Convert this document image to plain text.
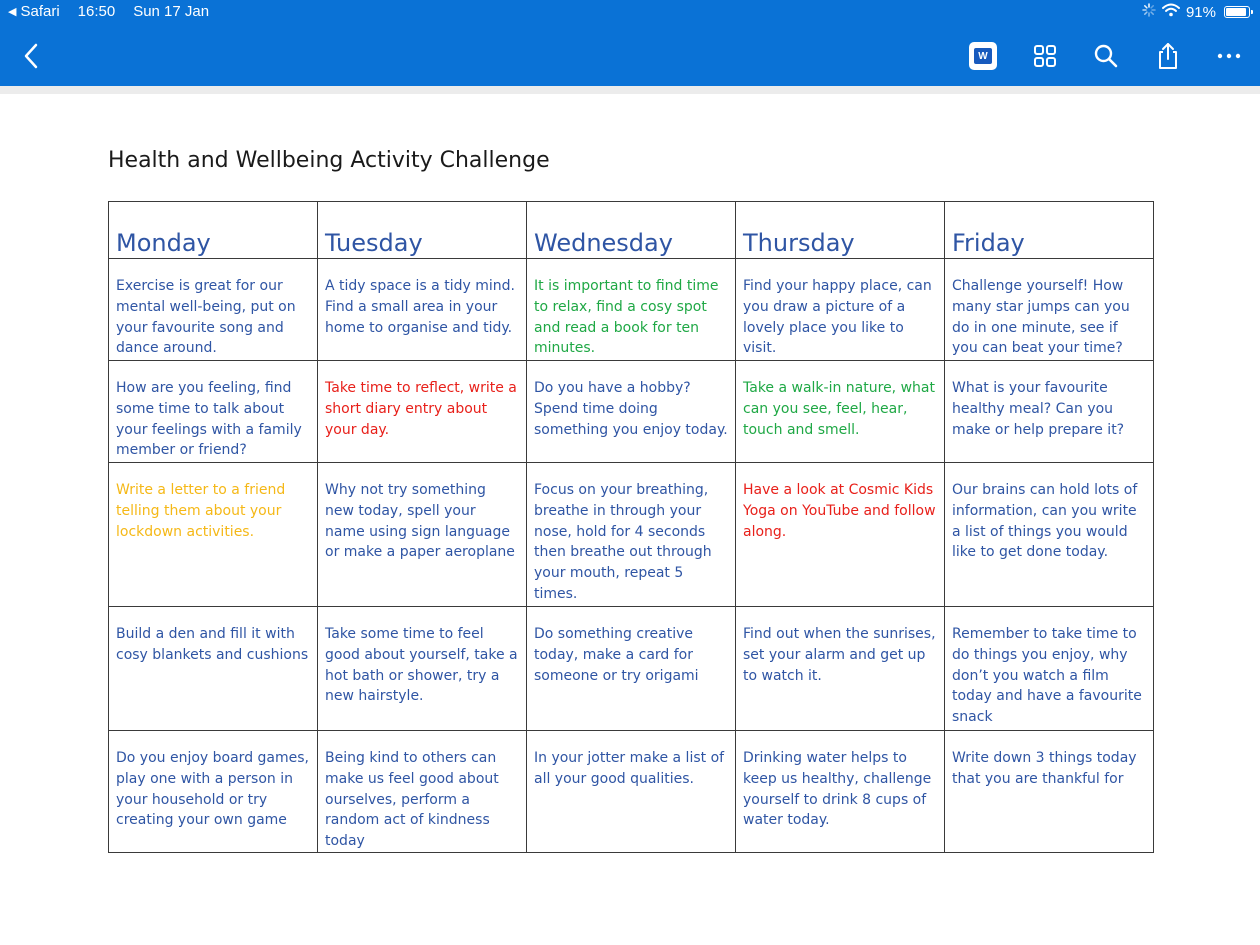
◀ Safari 16:50 Sun 17 Jan	91%
W
Health and Wellbeing Activity Challenge
Monday	Tuesday	Wednesday	Thursday	Friday
Exercise is great for our mental well-being, put on your favourite song and dance around.	A tidy space is a tidy mind. Find a small area in your home to organise and tidy.	It is important to find time to relax, find a cosy spot and read a book for ten minutes.	Find your happy place, can you draw a picture of a lovely place you like to visit.	Challenge yourself! How many star jumps can you do in one minute, see if you can beat your time?
How are you feeling, find some time to talk about your feelings with a family member or friend?	Take time to reflect, write a short diary entry about your day.	Do you have a hobby? Spend time doing something you enjoy today.	Take a walk-in nature, what can you see, feel, hear, touch and smell.	What is your favourite healthy meal? Can you make or help prepare it?
Write a letter to a friend telling them about your lockdown activities.	Why not try something new today, spell your name using sign language or make a paper aeroplane	Focus on your breathing, breathe in through your nose, hold for 4 seconds then breathe out through your mouth, repeat 5 times.	Have a look at Cosmic Kids Yoga on YouTube and follow along.	Our brains can hold lots of information, can you write a list of things you would like to get done today.
Build a den and fill it with cosy blankets and cushions	Take some time to feel good about yourself, take a hot bath or shower, try a new hairstyle.	Do something creative today, make a card for someone or try origami	Find out when the sunrises, set your alarm and get up to watch it.	Remember to take time to do things you enjoy, why don’t you watch a film today and have a favourite snack
Do you enjoy board games, play one with a person in your household or try creating your own game	Being kind to others can make us feel good about ourselves, perform a random act of kindness today	In your jotter make a list of all your good qualities.	Drinking water helps to keep us healthy, challenge yourself to drink 8 cups of water today.	Write down 3 things today that you are thankful for
